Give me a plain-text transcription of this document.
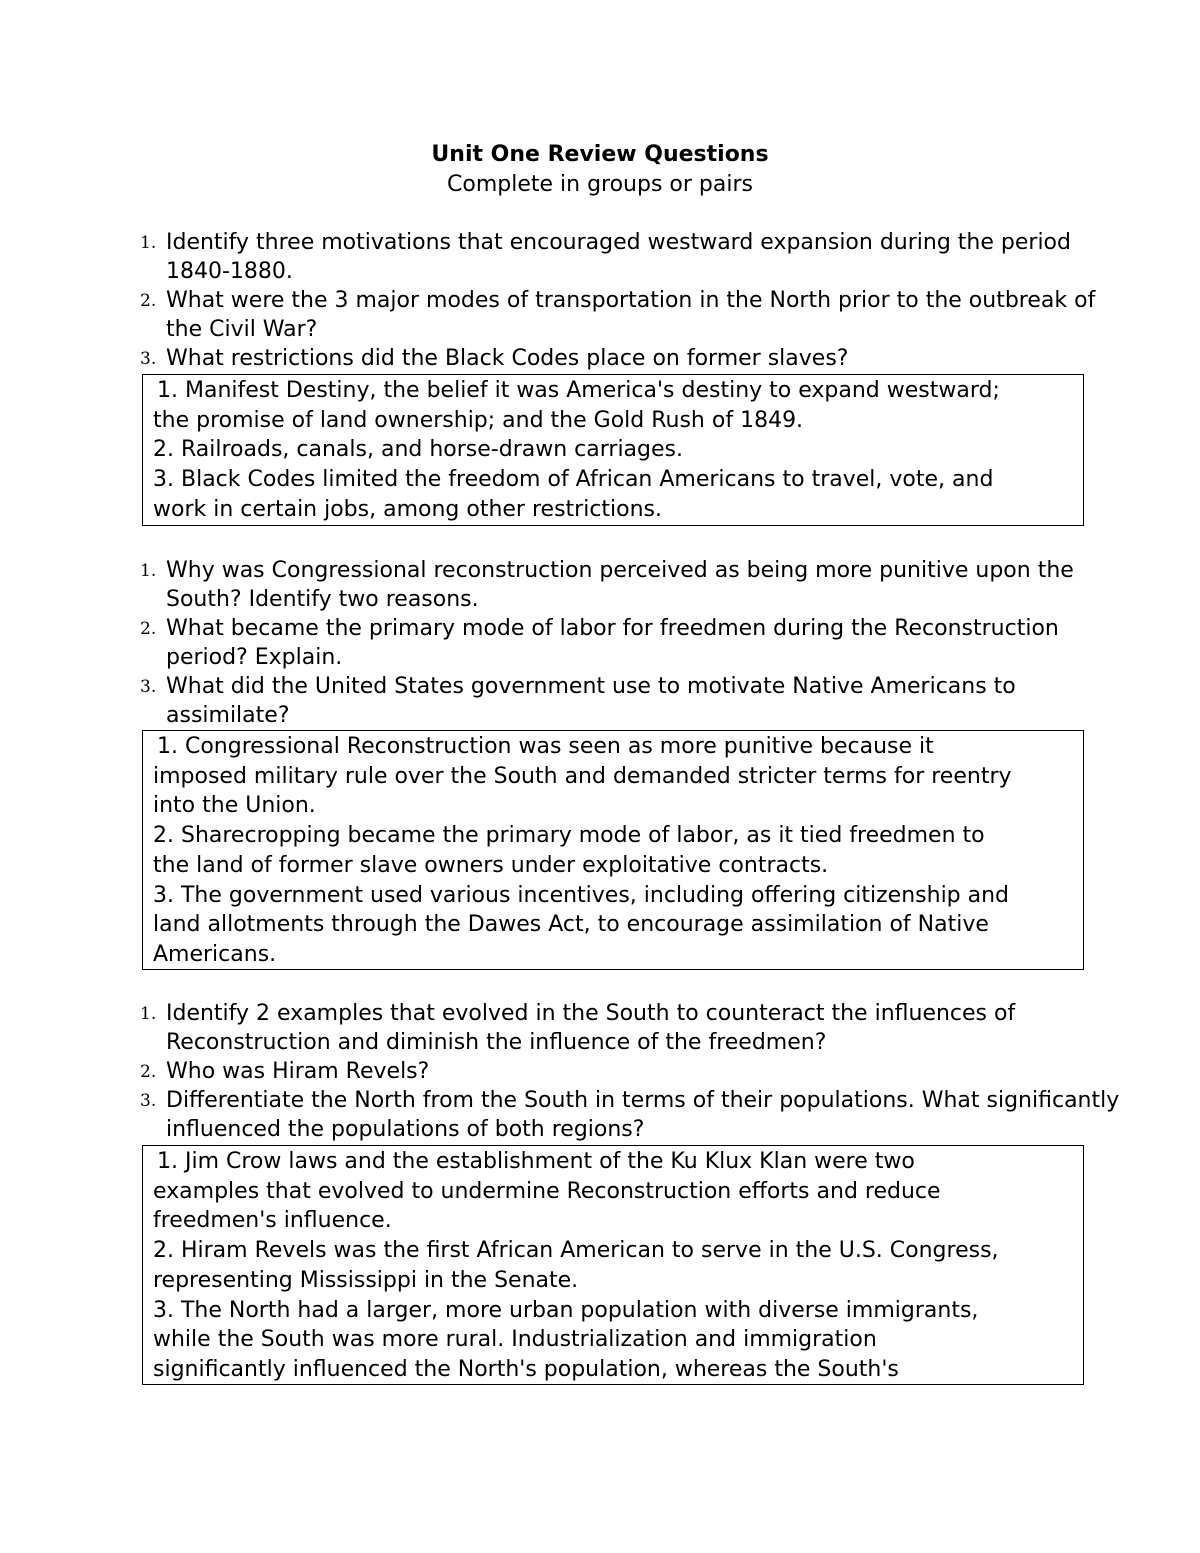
Unit One Review Questions
Complete in groups or pairs
1. Identify three motivations that encouraged westward expansion during the period 1840-1880.
2. What were the 3 major modes of transportation in the North prior to the outbreak of the Civil War?
3. What restrictions did the Black Codes place on former slaves?
1. Manifest Destiny, the belief it was America's destiny to expand westward;
the promise of land ownership; and the Gold Rush of 1849.
2. Railroads, canals, and horse-drawn carriages.
3. Black Codes limited the freedom of African Americans to travel, vote, and
work in certain jobs, among other restrictions.
1. Why was Congressional reconstruction perceived as being more punitive upon the South? Identify two reasons.
2. What became the primary mode of labor for freedmen during the Reconstruction period? Explain.
3. What did the United States government use to motivate Native Americans to assimilate?
1. Congressional Reconstruction was seen as more punitive because it
imposed military rule over the South and demanded stricter terms for reentry
into the Union.
2. Sharecropping became the primary mode of labor, as it tied freedmen to
the land of former slave owners under exploitative contracts.
3. The government used various incentives, including offering citizenship and
land allotments through the Dawes Act, to encourage assimilation of Native
Americans.
1. Identify 2 examples that evolved in the South to counteract the influences of Reconstruction and diminish the influence of the freedmen?
2. Who was Hiram Revels?
3. Differentiate the North from the South in terms of their populations. What significantly influenced the populations of both regions?
1. Jim Crow laws and the establishment of the Ku Klux Klan were two
examples that evolved to undermine Reconstruction efforts and reduce
freedmen's influence.
2. Hiram Revels was the first African American to serve in the U.S. Congress,
representing Mississippi in the Senate.
3. The North had a larger, more urban population with diverse immigrants,
while the South was more rural. Industrialization and immigration
significantly influenced the North's population, whereas the South's
